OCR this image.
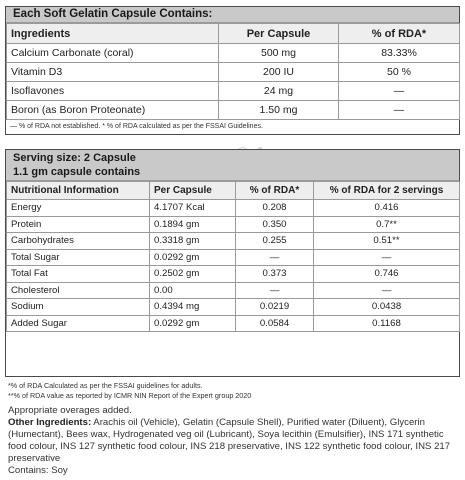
Each Soft Gelatin Capsule Contains:
Ingredients	Per Capsule	% of RDA*
Calcium Carbonate (coral)	500 mg	83.33%
Vitamin D3	200 IU	50 %
Isoflavones	24 mg	—
Boron (as Boron Proteonate)	1.50 mg	—
— % of RDA not established. * % of RDA calculated as per the FSSAI Guidelines.
Serving size: 2 Capsule
1.1 gm capsule contains
Nutritional Information	Per Capsule	% of RDA*	% of RDA for 2 servings
Energy	4.1707 Kcal	0.208	0.416
Protein	0.1894 gm	0.350	0.7**
Carbohydrates	0.3318 gm	0.255	0.51**
Total Sugar	0.0292 gm	—	—
Total Fat	0.2502 gm	0.373	0.746
Cholesterol	0.00	—	—
Sodium	0.4394 mg	0.0219	0.0438
Added Sugar	0.0292 gm	0.0584	0.1168
*% of RDA Calculated as per the FSSAI guidelines for adults.
**% of RDA value as reported by ICMR NIN Report of the Expert group 2020
Appropriate overages added.
Other Ingredients: Arachis oil (Vehicle), Gelatin (Capsule Shell), Purified water (Diluent), Glycerin (Humectant), Bees wax, Hydrogenated veg oil (Lubricant), Soya lecithin (Emulsifier), INS 171 synthetic food colour, INS 127 synthetic food colour, INS 218 preservative, INS 122 synthetic food colour, INS 217 preservative
Contains: Soy
